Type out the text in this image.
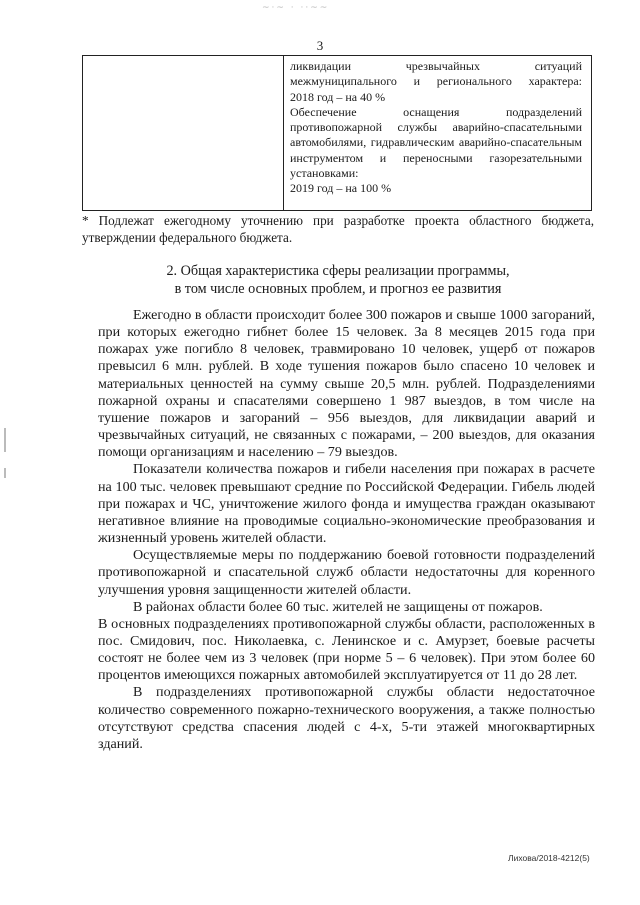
~·~ · ··~~
3

ликвидации чрезвычайных ситуаций межмуниципального и регионального характера:

2018 год – на 40 %

Обеспечение оснащения подразделений противопожарной службы аварийно-спасательными автомобилями, гидравлическим аварийно-спасательным инструментом и переносными газорезательными установками:

2019 год – на 100 %

* Подлежат ежегодному уточнению при разработке проекта областного бюджета, утверждении федерального бюджета.
2. Общая характеристика сферы реализации программы,
в том числе основных проблем, и прогноз ее развития

Ежегодно в области происходит более 300 пожаров и свыше 1000 загораний, при которых ежегодно гибнет более 15 человек. За 8 месяцев 2015 года при пожарах уже погибло 8 человек, травмировано 10 человек, ущерб от пожаров превысил 6 млн. рублей. В ходе тушения пожаров было спасено 10 человек и материальных ценностей на сумму свыше 20,5 млн. рублей. Подразделениями пожарной охраны и спасателями совершено 1 987 выездов, в том числе на тушение пожаров и загораний – 956 выездов, для ликвидации аварий и чрезвычайных ситуаций, не связанных с пожарами, – 200 выездов, для оказания помощи организациям и населению – 79 выездов.

Показатели количества пожаров и гибели населения при пожарах в расчете на 100 тыс. человек превышают средние по Российской Федерации. Гибель людей при пожарах и ЧС, уничтожение жилого фонда и имущества граждан оказывают негативное влияние на проводимые социально-экономические преобразования и жизненный уровень жителей области.

Осуществляемые меры по поддержанию боевой готовности подразделений противопожарной и спасательной служб области недостаточны для коренного улучшения уровня защищенности жителей области.

В районах области более 60 тыс. жителей не защищены от пожаров.

В основных подразделениях противопожарной службы области, расположенных в пос. Смидович, пос. Николаевка, с. Ленинское и с. Амурзет, боевые расчеты состоят не более чем из 3 человек (при норме 5 – 6 человек). При этом более 60 процентов имеющихся пожарных автомобилей эксплуатируется от 11 до 28 лет.

В подразделениях противопожарной службы области недостаточное количество современного пожарно-технического вооружения, а также полностью отсутствуют средства спасения людей с 4-х, 5-ти этажей многоквартирных зданий.

Лихова/2018-4212(5)
